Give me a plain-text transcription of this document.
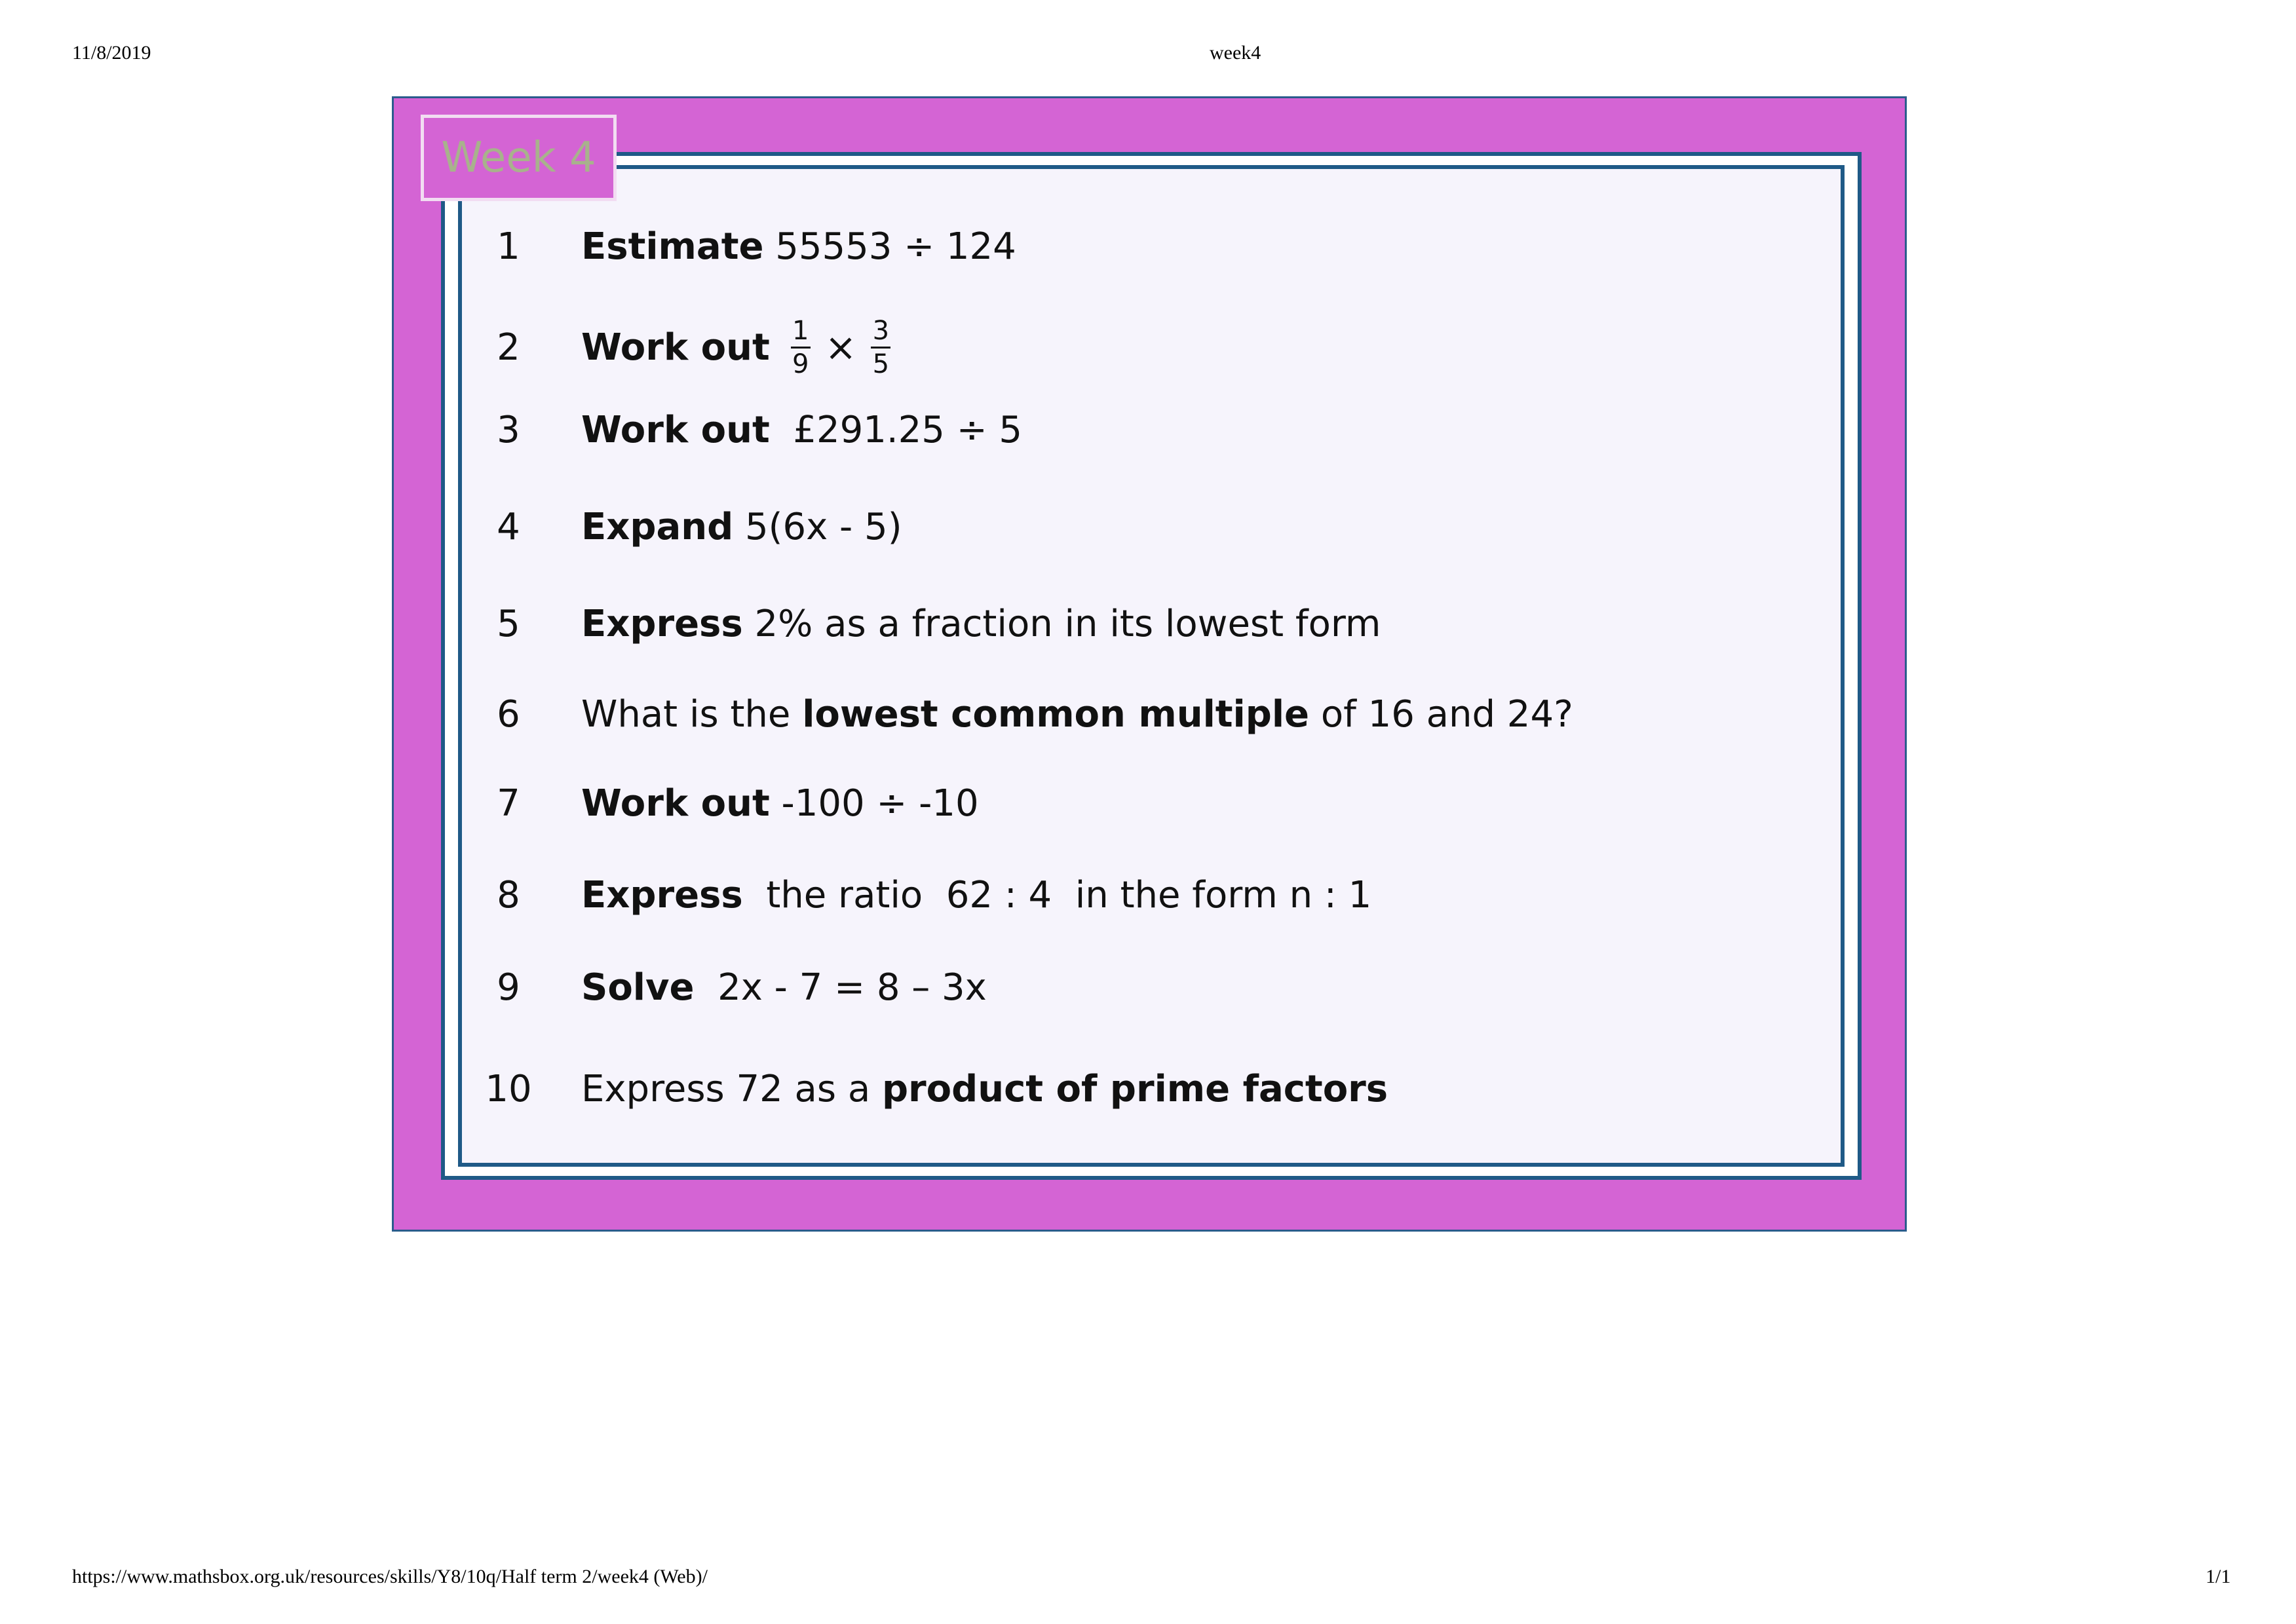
11/8/2019	week4
Week 4
1	Estimate 55553 ÷ 124
2	Work out $\frac{1}{9} \times \frac{3}{5}$
3	Work out  £291.25 ÷ 5
4	Expand 5(6x - 5)
5	Express 2% as a fraction in its lowest form
6	What is the lowest common multiple of 16 and 24?
7	Work out -100 ÷ -10
8	Express  the ratio  62 : 4  in the form n : 1
9	Solve  2x - 7 = 8 – 3x
10 Express 72 as a product of prime factors
https://www.mathsbox.org.uk/resources/skills/Y8/10q/Half term 2/week4 (Web)/	1/1
